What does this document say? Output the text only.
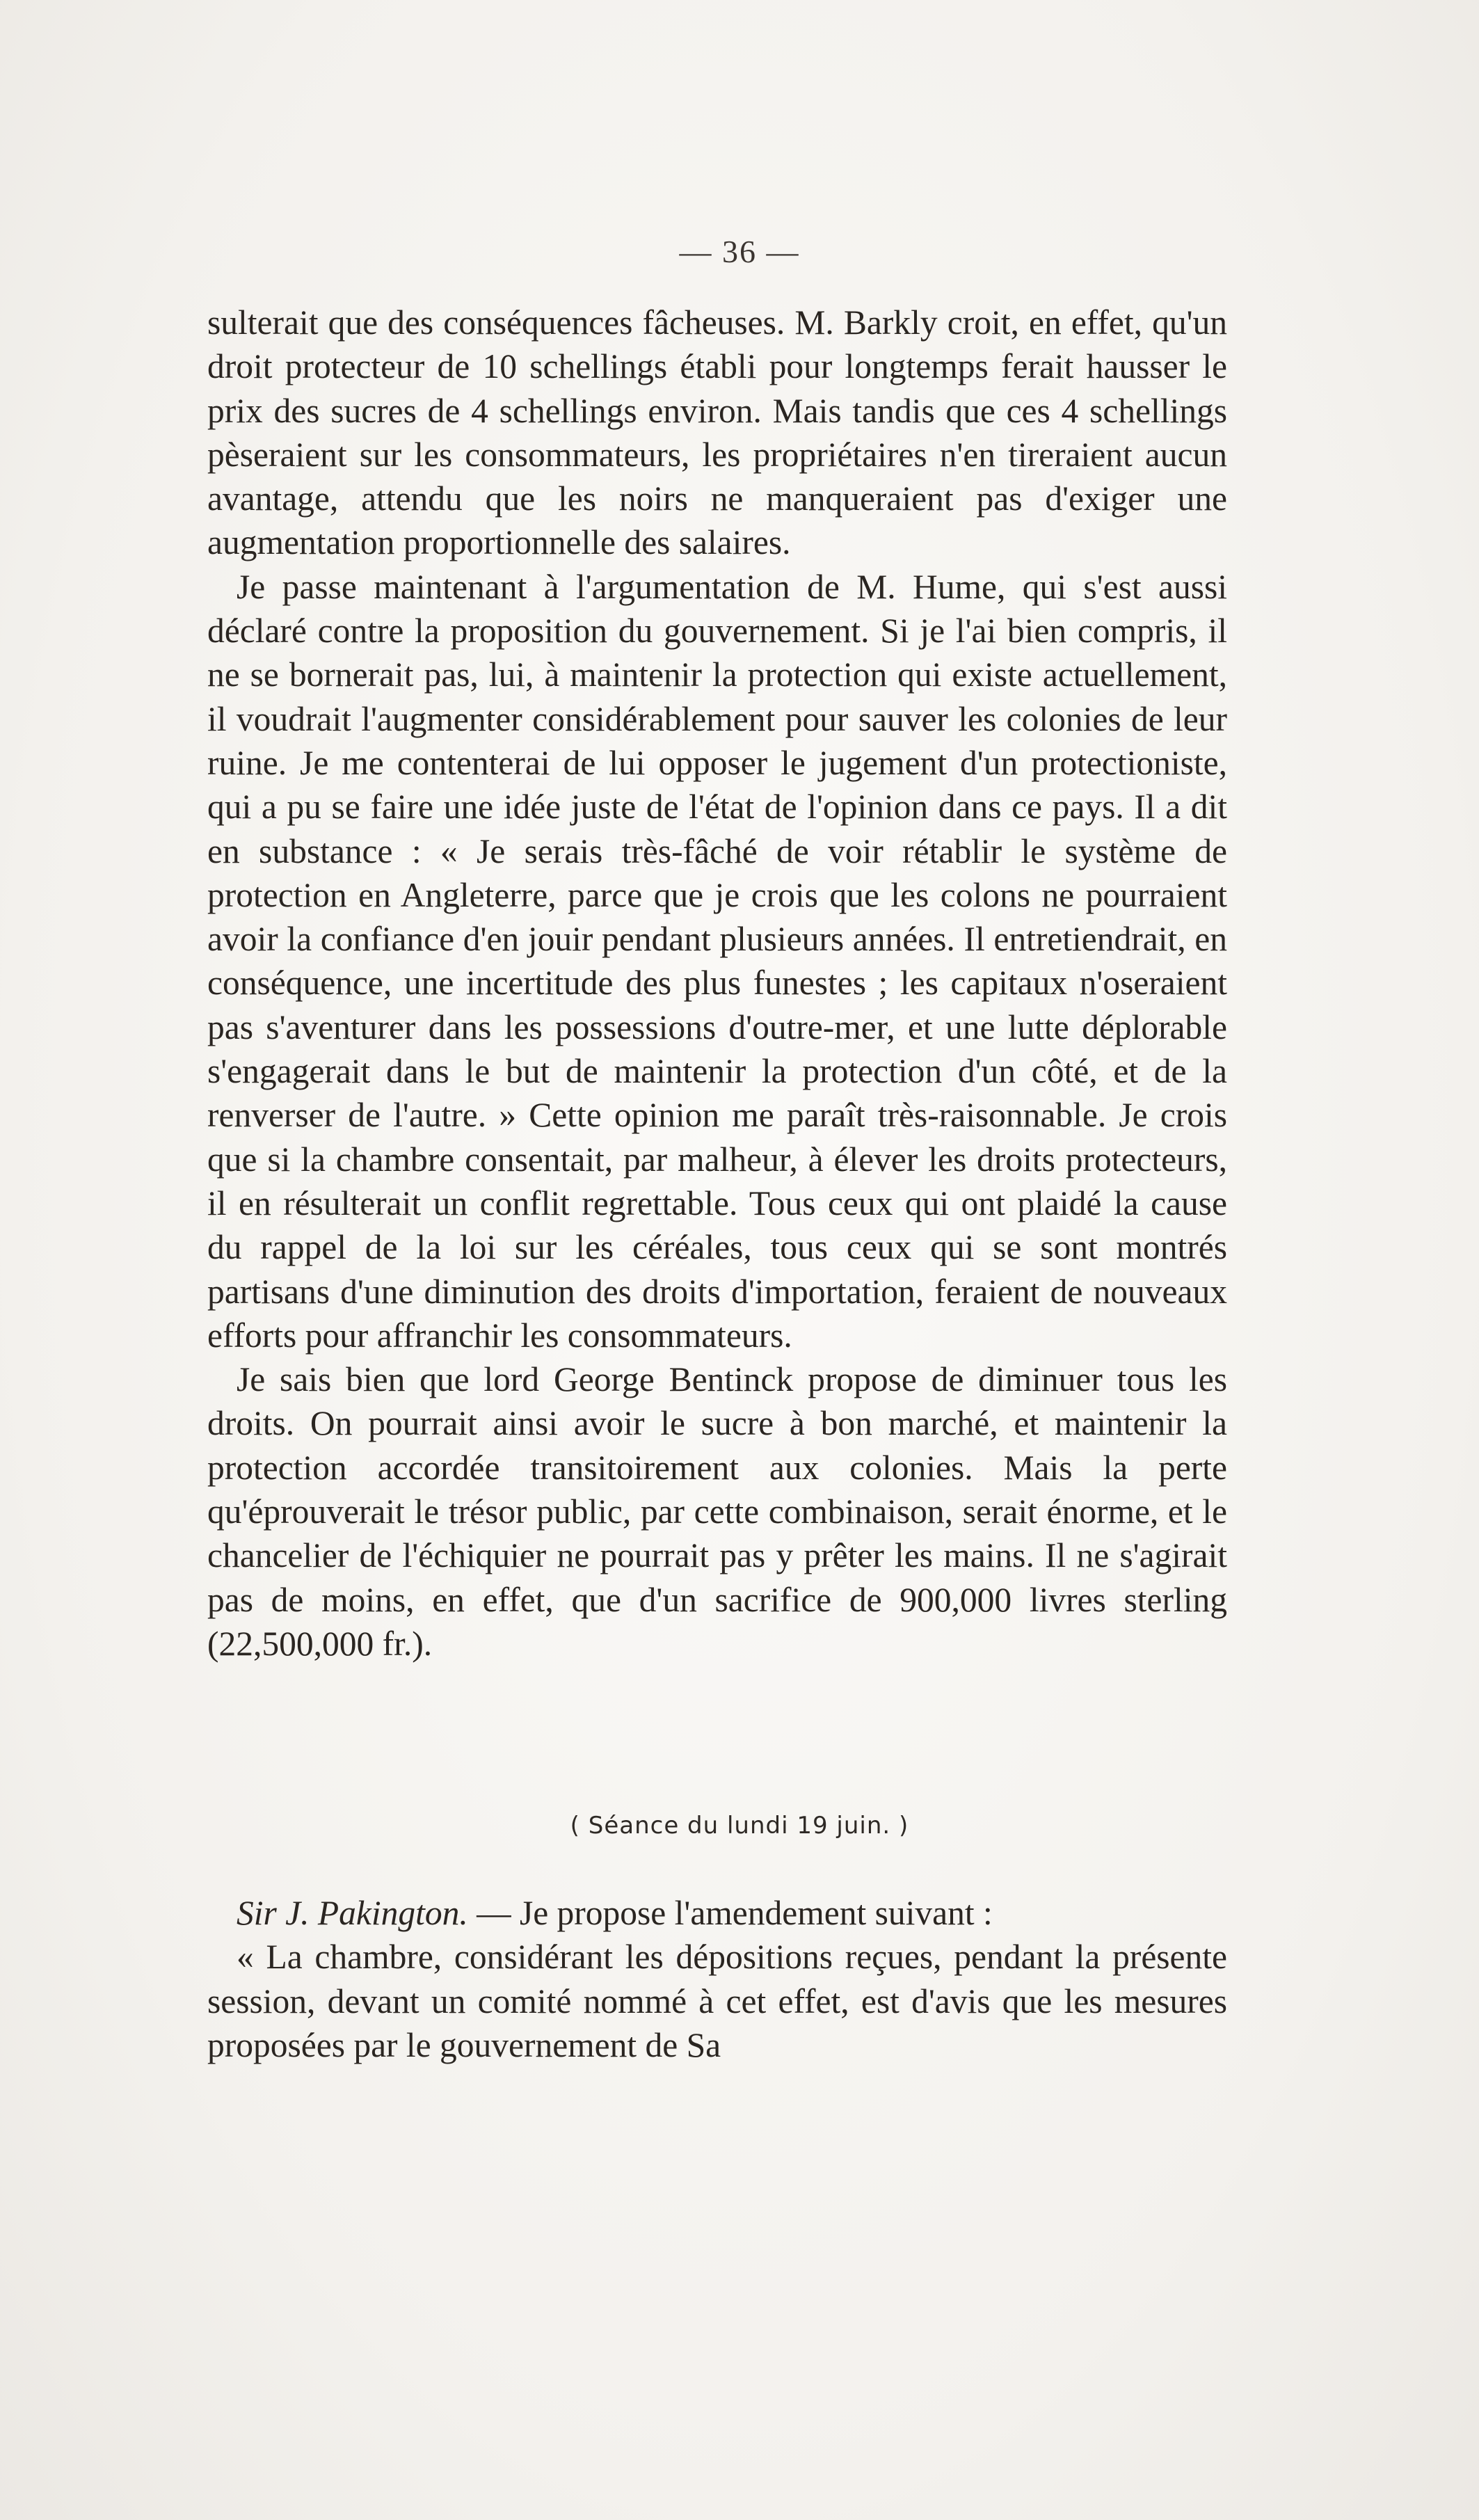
— 36 —

sulterait que des conséquences fâcheuses. M. Barkly croit, en effet, qu'un droit protecteur de 10 schellings établi pour longtemps ferait hausser le prix des sucres de 4 schellings environ. Mais tandis que ces 4 schellings pèseraient sur les consommateurs, les propriétaires n'en tireraient aucun avantage, attendu que les noirs ne manqueraient pas d'exiger une augmentation proportionnelle des salaires.

Je passe maintenant à l'argumentation de M. Hume, qui s'est aussi déclaré contre la proposition du gouvernement. Si je l'ai bien compris, il ne se bornerait pas, lui, à maintenir la protection qui existe actuellement, il voudrait l'augmenter considérablement pour sauver les colonies de leur ruine. Je me contenterai de lui opposer le jugement d'un protectioniste, qui a pu se faire une idée juste de l'état de l'opinion dans ce pays. Il a dit en substance : « Je serais très-fâché de voir rétablir le système de protection en Angleterre, parce que je crois que les colons ne pourraient avoir la confiance d'en jouir pendant plusieurs années. Il entretiendrait, en conséquence, une incertitude des plus funestes ; les capitaux n'oseraient pas s'aventurer dans les possessions d'outre-mer, et une lutte déplorable s'engagerait dans le but de maintenir la protection d'un côté, et de la renverser de l'autre. » Cette opinion me paraît très-raisonnable. Je crois que si la chambre consentait, par malheur, à élever les droits protecteurs, il en résulterait un conflit regrettable. Tous ceux qui ont plaidé la cause du rappel de la loi sur les céréales, tous ceux qui se sont montrés partisans d'une diminution des droits d'importation, feraient de nouveaux efforts pour affranchir les consommateurs.

Je sais bien que lord George Bentinck propose de diminuer tous les droits. On pourrait ainsi avoir le sucre à bon marché, et maintenir la protection accordée transitoirement aux colonies. Mais la perte qu'éprouverait le trésor public, par cette combinaison, serait énorme, et le chancelier de l'échiquier ne pourrait pas y prêter les mains. Il ne s'agirait pas de moins, en effet, que d'un sacrifice de 900,000 livres sterling (22,500,000 fr.).

( Séance du lundi 19 juin. )

Sir J. Pakington. — Je propose l'amendement suivant :

« La chambre, considérant les dépositions reçues, pendant la présente session, devant un comité nommé à cet effet, est d'avis que les mesures proposées par le gouvernement de Sa
